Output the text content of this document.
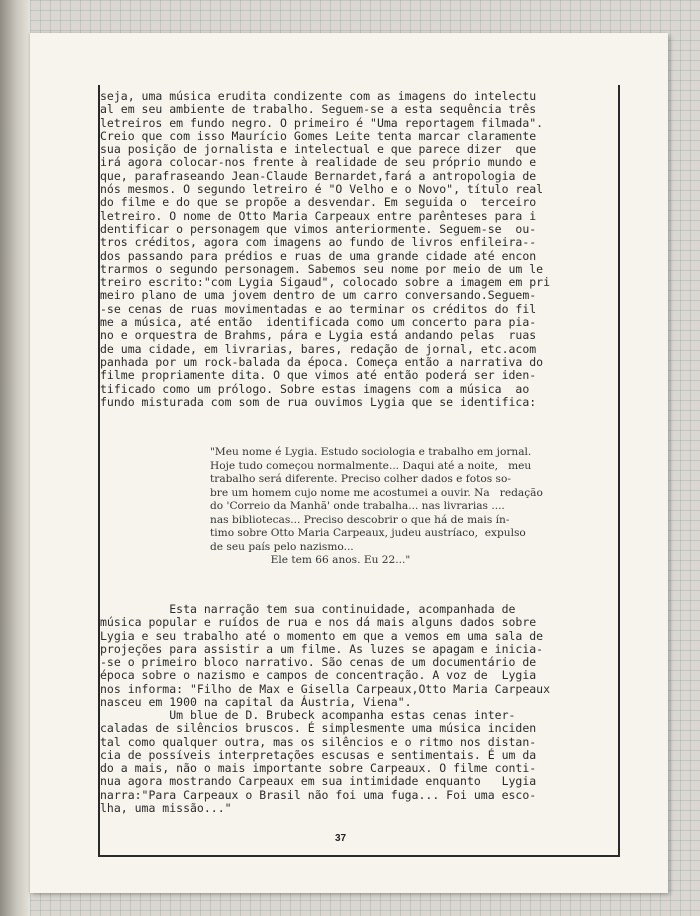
seja, uma música erudita condizente com as imagens do intelectu
al em seu ambiente de trabalho. Seguem-se a esta sequência três
letreiros em fundo negro. O primeiro é "Uma reportagem filmada".
Creio que com isso Maurício Gomes Leite tenta marcar claramente
sua posição de jornalista e intelectual e que parece dizer  que
irá agora colocar-nos frente à realidade de seu próprio mundo e
que, parafraseando Jean-Claude Bernardet,fará a antropologia de
nós mesmos. O segundo letreiro é "O Velho e o Novo", título real
do filme e do que se propõe a desvendar. Em seguida o  terceiro
letreiro. O nome de Otto Maria Carpeaux entre parênteses para i
dentificar o personagem que vimos anteriormente. Seguem-se  ou-
tros créditos, agora com imagens ao fundo de livros enfileira--
dos passando para prédios e ruas de uma grande cidade até encon
trarmos o segundo personagem. Sabemos seu nome por meio de um le
treiro escrito:"com Lygia Sigaud", colocado sobre a imagem em pri
meiro plano de uma jovem dentro de um carro conversando.Seguem-
-se cenas de ruas movimentadas e ao terminar os créditos do fil
me a música, até então  identificada como um concerto para pia-
no e orquestra de Brahms, pára e Lygia está andando pelas  ruas
de uma cidade, em livrarias, bares, redação de jornal, etc.acom
panhada por um rock-balada da época. Começa então a narrativa do
filme propriamente dita. O que vimos até então poderá ser iden-
tificado como um prólogo. Sobre estas imagens com a música  ao
fundo misturada com som de rua ouvimos Lygia que se identifica:
"Meu nome é Lygia. Estudo sociologia e trabalho em jornal.
Hoje tudo começou normalmente... Daqui até a noite,   meu
trabalho será diferente. Preciso colher dados e fotos so-
bre um homem cujo nome me acostumei a ouvir. Na   redação
do 'Correio da Manhã' onde trabalha... nas livrarias ....
nas bibliotecas... Preciso descobrir o que há de mais ín-
timo sobre Otto Maria Carpeaux, judeu austríaco,  expulso
de seu país pelo nazismo...
Ele tem 66 anos. Eu 22..."
Esta narração tem sua continuidade, acompanhada de
música popular e ruídos de rua e nos dá mais alguns dados sobre
Lygia e seu trabalho até o momento em que a vemos em uma sala de
projeções para assistir a um filme. As luzes se apagam e inicia-
-se o primeiro bloco narrativo. São cenas de um documentário de
época sobre o nazismo e campos de concentração. A voz de  Lygia
nos informa: "Filho de Max e Gisella Carpeaux,Otto Maria Carpeaux
nasceu em 1900 na capital da Áustria, Viena".
Um blue de D. Brubeck acompanha estas cenas inter-
caladas de silêncios bruscos. É simplesmente uma música inciden
tal como qualquer outra, mas os silêncios e o ritmo nos distan-
cia de possíveis interpretações escusas e sentimentais. É um da
do a mais, não o mais importante sobre Carpeaux. O filme conti-
nua agora mostrando Carpeaux em sua intimidade enquanto   Lygia
narra:"Para Carpeaux o Brasil não foi uma fuga... Foi uma esco-
lha, uma missão..."
37
